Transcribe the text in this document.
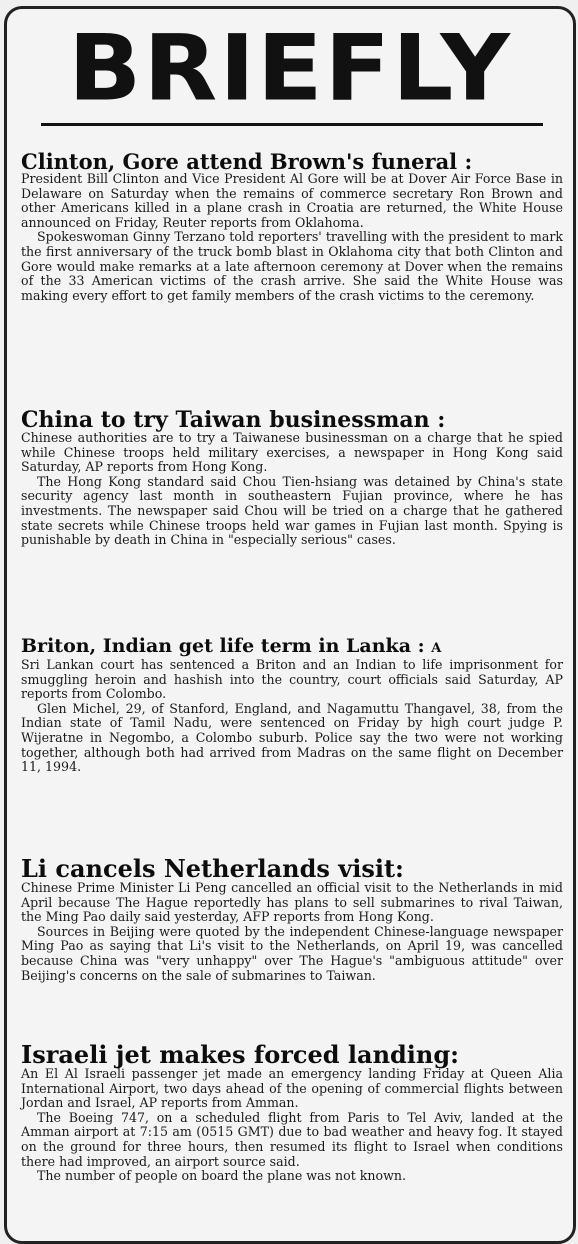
BRIEFLY

Clinton, Gore attend Brown's funeral :

President Bill Clinton and Vice President Al Gore will be at Dover Air Force Base in Delaware on Saturday when the remains of commerce secretary Ron Brown and other Americans killed in a plane crash in Croatia are returned, the White House announced on Friday, Reuter reports from Oklahoma.

Spokeswoman Ginny Terzano told reporters' travelling with the president to mark the first anniversary of the truck bomb blast in Oklahoma city that both Clinton and Gore would make remarks at a late afternoon ceremony at Dover when the remains of the 33 American victims of the crash arrive. She said the White House was making every effort to get family members of the crash victims to the ceremony.

China to try Taiwan businessman :

Chinese authorities are to try a Taiwanese businessman on a charge that he spied while Chinese troops held military exercises, a newspaper in Hong Kong said Saturday, AP reports from Hong Kong.

The Hong Kong standard said Chou Tien-hsiang was detained by China's state security agency last month in southeastern Fujian province, where he has investments. The newspaper said Chou will be tried on a charge that he gathered state secrets while Chinese troops held war games in Fujian last month. Spying is punishable by death in China in "especially serious" cases.

Briton, Indian get life term in Lanka : A

Sri Lankan court has sentenced a Briton and an Indian to life imprisonment for smuggling heroin and hashish into the country, court officials said Saturday, AP reports from Colombo.

Glen Michel, 29, of Stanford, England, and Nagamuttu Thangavel, 38, from the Indian state of Tamil Nadu, were sentenced on Friday by high court judge P. Wijeratne in Negombo, a Colombo suburb. Police say the two were not working together, although both had arrived from Madras on the same flight on December 11, 1994.

Li cancels Netherlands visit:

Chinese Prime Minister Li Peng cancelled an official visit to the Netherlands in mid April because The Hague reportedly has plans to sell submarines to rival Taiwan, the Ming Pao daily said yesterday, AFP reports from Hong Kong.

Sources in Beijing were quoted by the independent Chinese-language newspaper Ming Pao as saying that Li's visit to the Netherlands, on April 19, was cancelled because China was "very unhappy" over The Hague's "ambiguous attitude" over Beijing's concerns on the sale of submarines to Taiwan.

Israeli jet makes forced landing:

An El Al Israeli passenger jet made an emergency landing Friday at Queen Alia International Airport, two days ahead of the opening of commercial flights between Jordan and Israel, AP reports from Amman.

The Boeing 747, on a scheduled flight from Paris to Tel Aviv, landed at the Amman airport at 7:15 am (0515 GMT) due to bad weather and heavy fog. It stayed on the ground for three hours, then resumed its flight to Israel when conditions there had improved, an airport source said.

The number of people on board the plane was not known.
